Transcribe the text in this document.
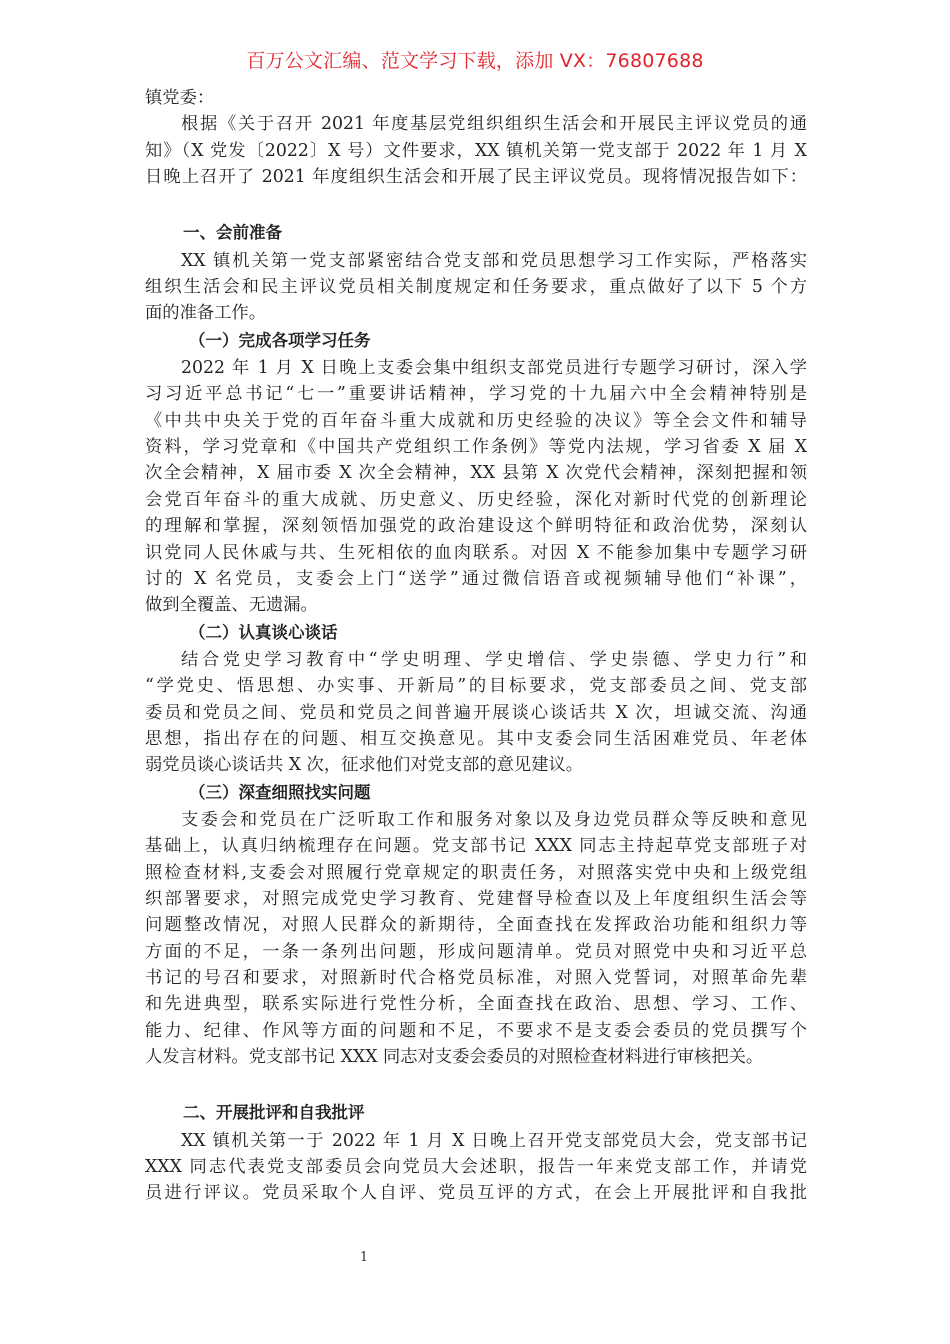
百万公文汇编、范文学习下载，添加 VX：76807688
镇党委：
根据《关于召开 2021 年度基层党组织组织生活会和开展民主评议党员的通
知》（X 党发〔2022〕X 号）文件要求，XX 镇机关第一党支部于 2022 年 1 月 X
日晚上召开了 2021 年度组织生活会和开展了民主评议党员。现将情况报告如下：
一、会前准备
XX 镇机关第一党支部紧密结合党支部和党员思想学习工作实际，严格落实
组织生活会和民主评议党员相关制度规定和任务要求，重点做好了以下 5 个方
面的准备工作。
（一）完成各项学习任务
2022 年 1 月 X 日晚上支委会集中组织支部党员进行专题学习研讨，深入学
习习近平总书记“七一”重要讲话精神，学习党的十九届六中全会精神特别是
《中共中央关于党的百年奋斗重大成就和历史经验的决议》等全会文件和辅导
资料，学习党章和《中国共产党组织工作条例》等党内法规，学习省委 X 届 X
次全会精神，X 届市委 X 次全会精神，XX 县第 X 次党代会精神，深刻把握和领
会党百年奋斗的重大成就、历史意义、历史经验，深化对新时代党的创新理论
的理解和掌握，深刻领悟加强党的政治建设这个鲜明特征和政治优势，深刻认
识党同人民休戚与共、生死相依的血肉联系。对因 X 不能参加集中专题学习研
讨的 X 名党员，支委会上门“送学”通过微信语音或视频辅导他们“补课”，
做到全覆盖、无遗漏。
（二）认真谈心谈话
结合党史学习教育中“学史明理、学史增信、学史崇德、学史力行”和
“学党史、悟思想、办实事、开新局”的目标要求，党支部委员之间、党支部
委员和党员之间、党员和党员之间普遍开展谈心谈话共 X 次，坦诚交流、沟通
思想，指出存在的问题、相互交换意见。其中支委会同生活困难党员、年老体
弱党员谈心谈话共 X 次，征求他们对党支部的意见建议。
（三）深查细照找实问题
支委会和党员在广泛听取工作和服务对象以及身边党员群众等反映和意见
基础上，认真归纳梳理存在问题。党支部书记 XXX 同志主持起草党支部班子对
照检查材料,支委会对照履行党章规定的职责任务，对照落实党中央和上级党组
织部署要求，对照完成党史学习教育、党建督导检查以及上年度组织生活会等
问题整改情况，对照人民群众的新期待，全面查找在发挥政治功能和组织力等
方面的不足，一条一条列出问题，形成问题清单。党员对照党中央和习近平总
书记的号召和要求，对照新时代合格党员标准，对照入党誓词，对照革命先辈
和先进典型，联系实际进行党性分析，全面查找在政治、思想、学习、工作、
能力、纪律、作风等方面的问题和不足，不要求不是支委会委员的党员撰写个
人发言材料。党支部书记 XXX 同志对支委会委员的对照检查材料进行审核把关。
二、开展批评和自我批评
XX 镇机关第一于 2022 年 1 月 X 日晚上召开党支部党员大会，党支部书记
XXX 同志代表党支部委员会向党员大会述职，报告一年来党支部工作，并请党
员进行评议。党员采取个人自评、党员互评的方式，在会上开展批评和自我批
1
